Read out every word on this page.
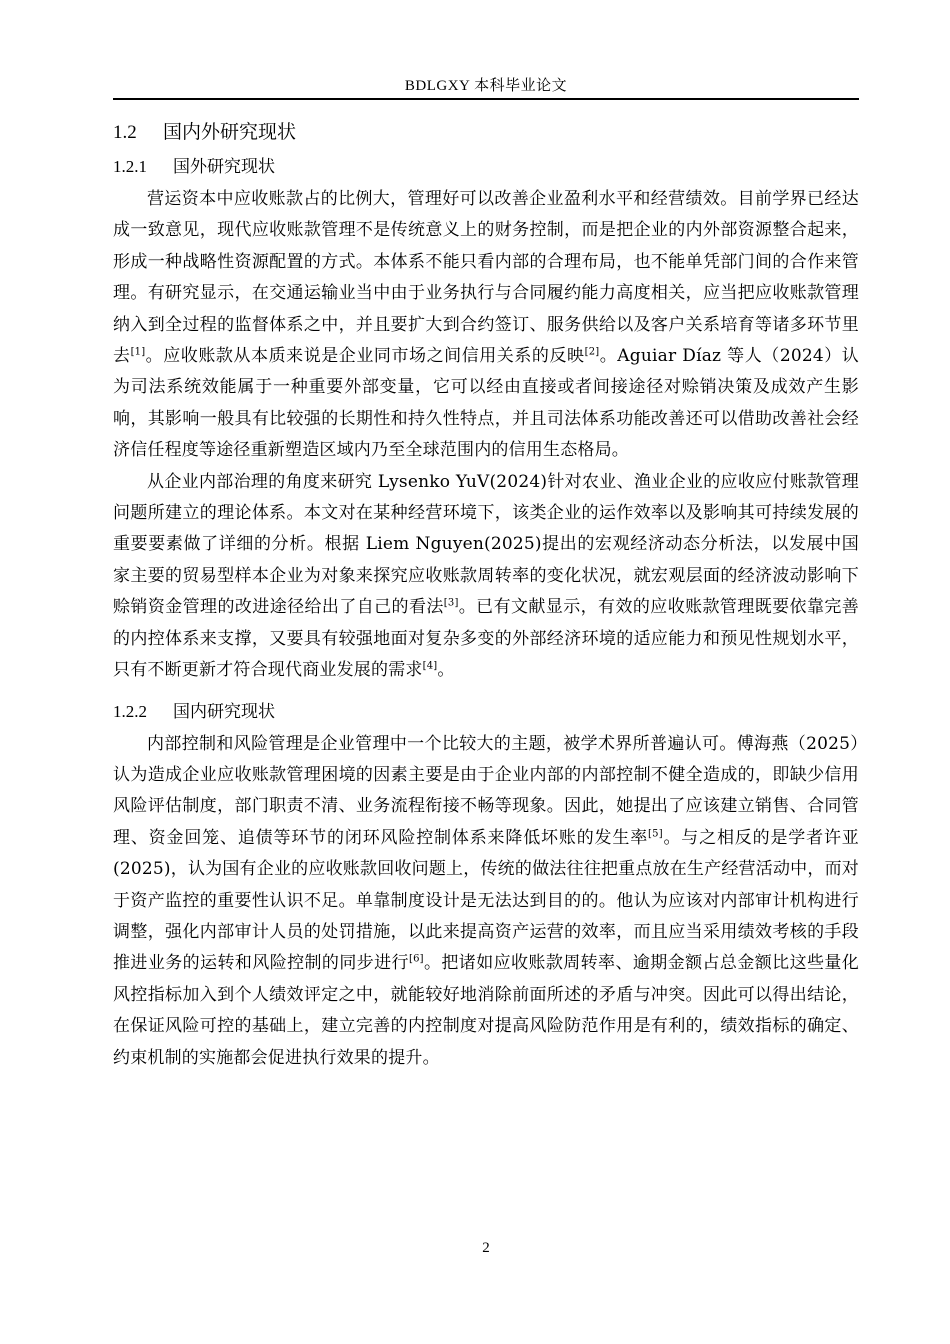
BDLGXY 本科毕业论文
1.2 国内外研究现状
1.2.1 国外研究现状

营运资本中应收账款占的比例大，管理好可以改善企业盈利水平和经营绩效。目前学界已经达成一致意见，现代应收账款管理不是传统意义上的财务控制，而是把企业的内外部资源整合起来，形成一种战略性资源配置的方式。本体系不能只看内部的合理布局，也不能单凭部门间的合作来管理。有研究显示，在交通运输业当中由于业务执行与合同履约能力高度相关，应当把应收账款管理纳入到全过程的监督体系之中，并且要扩大到合约签订、服务供给以及客户关系培育等诸多环节里去[1]。应收账款从本质来说是企业同市场之间信用关系的反映[2]。Aguiar Díaz 等人（2024）认为司法系统效能属于一种重要外部变量，它可以经由直接或者间接途径对赊销决策及成效产生影响，其影响一般具有比较强的长期性和持久性特点，并且司法体系功能改善还可以借助改善社会经济信任程度等途径重新塑造区域内乃至全球范围内的信用生态格局。

从企业内部治理的角度来研究 Lysenko YuV(2024)针对农业、渔业企业的应收应付账款管理问题所建立的理论体系。本文对在某种经营环境下，该类企业的运作效率以及影响其可持续发展的重要要素做了详细的分析。根据 Liem Nguyen(2025)提出的宏观经济动态分析法，以发展中国家主要的贸易型样本企业为对象来探究应收账款周转率的变化状况，就宏观层面的经济波动影响下赊销资金管理的改进途径给出了自己的看法[3]。已有文献显示，有效的应收账款管理既要依靠完善的内控体系来支撑，又要具有较强地面对复杂多变的外部经济环境的适应能力和预见性规划水平，只有不断更新才符合现代商业发展的需求[4]。

1.2.2 国内研究现状

内部控制和风险管理是企业管理中一个比较大的主题，被学术界所普遍认可。傅海燕（2025）认为造成企业应收账款管理困境的因素主要是由于企业内部的内部控制不健全造成的，即缺少信用风险评估制度，部门职责不清、业务流程衔接不畅等现象。因此，她提出了应该建立销售、合同管理、资金回笼、追债等环节的闭环风险控制体系来降低坏账的发生率[5]。与之相反的是学者许亚(2025)，认为国有企业的应收账款回收问题上，传统的做法往往把重点放在生产经营活动中，而对于资产监控的重要性认识不足。单靠制度设计是无法达到目的的。他认为应该对内部审计机构进行调整，强化内部审计人员的处罚措施，以此来提高资产运营的效率，而且应当采用绩效考核的手段推进业务的运转和风险控制的同步进行[6]。把诸如应收账款周转率、逾期金额占总金额比这些量化风控指标加入到个人绩效评定之中，就能较好地消除前面所述的矛盾与冲突。因此可以得出结论，在保证风险可控的基础上，建立完善的内控制度对提高风险防范作用是有利的，绩效指标的确定、约束机制的实施都会促进执行效果的提升。

2
